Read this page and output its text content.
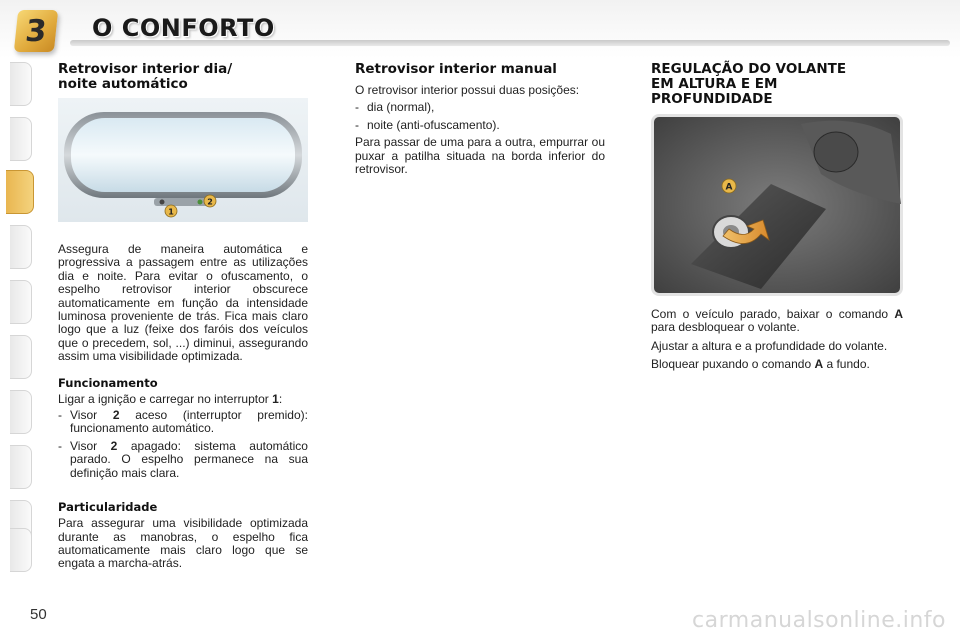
3 O CONFORTO
Retrovisor interior dia/
noite automático
1
2

Assegura de maneira automática e progressiva a passagem entre as utilizações dia e noite. Para evitar o ofuscamento, o espelho retrovisor interior obscurece automaticamente em função da intensidade luminosa proveniente de trás. Fica mais claro logo que a luz (feixe dos faróis dos veículos que o precedem, sol, ...) diminui, assegurando assim uma visibilidade optimizada.

Funcionamento

Ligar a ignição e carregar no interruptor 1:

- Visor 2 aceso (interruptor premido): funcionamento automático.
- Visor 2 apagado: sistema automático parado. O espelho permanece na sua definição mais clara.
Particularidade

Para assegurar uma visibilidade optimizada durante as manobras, o espelho fica automaticamente mais claro logo que se engata a marcha-atrás.

Retrovisor interior manual

O retrovisor interior possui duas posições:

- dia (normal),
- noite (anti-ofuscamento).

Para passar de uma para a outra, empurrar ou puxar a patilha situada na borda inferior do retrovisor.

REGULAÇÃO DO VOLANTE
EM ALTURA E EM
PROFUNDIDADE
A

Com o veículo parado, baixar o comando A para desbloquear o volante.

Ajustar a altura e a profundidade do volante.

Bloquear puxando o comando A a fundo.

50	carmanualsonline.info
